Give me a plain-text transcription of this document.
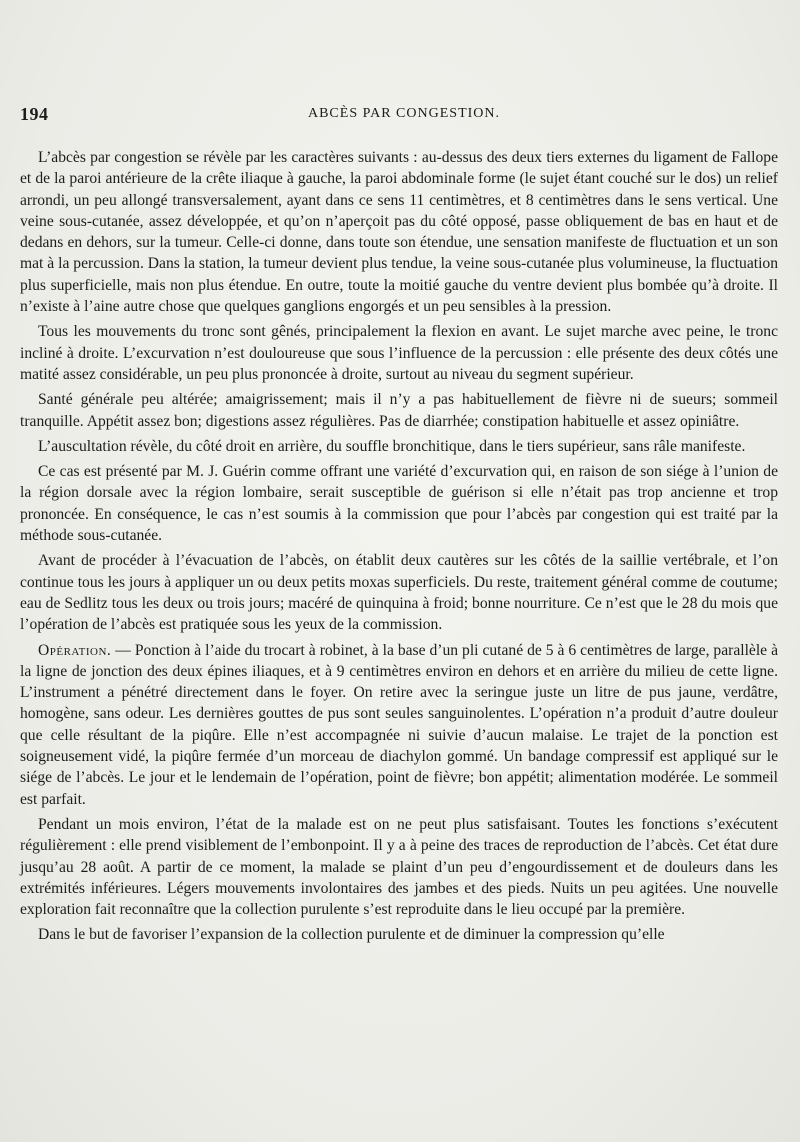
194	ABCÈS PAR CONGESTION.

L’abcès par congestion se révèle par les caractères suivants : au-dessus des deux tiers externes du ligament de Fallope et de la paroi antérieure de la crête iliaque à gauche, la paroi abdominale forme (le sujet étant couché sur le dos) un relief arrondi, un peu allongé transversalement, ayant dans ce sens 11 centimètres, et 8 centimètres dans le sens vertical. Une veine sous-cutanée, assez développée, et qu’on n’aperçoit pas du côté opposé, passe obliquement de bas en haut et de dedans en dehors, sur la tumeur. Celle-ci donne, dans toute son étendue, une sensation manifeste de fluctuation et un son mat à la percussion. Dans la station, la tumeur devient plus tendue, la veine sous-cutanée plus volumineuse, la fluctuation plus superficielle, mais non plus étendue. En outre, toute la moitié gauche du ventre devient plus bombée qu’à droite. Il n’existe à l’aine autre chose que quelques ganglions engorgés et un peu sensibles à la pression.

Tous les mouvements du tronc sont gênés, principalement la flexion en avant. Le sujet marche avec peine, le tronc incliné à droite. L’excurvation n’est douloureuse que sous l’influence de la percussion : elle présente des deux côtés une matité assez considérable, un peu plus prononcée à droite, surtout au niveau du segment supérieur.

Santé générale peu altérée; amaigrissement; mais il n’y a pas habituellement de fièvre ni de sueurs; sommeil tranquille. Appétit assez bon; digestions assez régulières. Pas de diarrhée; constipation habituelle et assez opiniâtre.

L’auscultation révèle, du côté droit en arrière, du souffle bronchitique, dans le tiers supérieur, sans râle manifeste.

Ce cas est présenté par M. J. Guérin comme offrant une variété d’excurvation qui, en raison de son siége à l’union de la région dorsale avec la région lombaire, serait susceptible de guérison si elle n’était pas trop ancienne et trop prononcée. En conséquence, le cas n’est soumis à la commission que pour l’abcès par congestion qui est traité par la méthode sous-cutanée.

Avant de procéder à l’évacuation de l’abcès, on établit deux cautères sur les côtés de la saillie vertébrale, et l’on continue tous les jours à appliquer un ou deux petits moxas superficiels. Du reste, traitement général comme de coutume; eau de Sedlitz tous les deux ou trois jours; macéré de quinquina à froid; bonne nourriture. Ce n’est que le 28 du mois que l’opération de l’abcès est pratiquée sous les yeux de la commission.

Opération. — Ponction à l’aide du trocart à robinet, à la base d’un pli cutané de 5 à 6 centimètres de large, parallèle à la ligne de jonction des deux épines iliaques, et à 9 centimètres environ en dehors et en arrière du milieu de cette ligne. L’instrument a pénétré directement dans le foyer. On retire avec la seringue juste un litre de pus jaune, verdâtre, homogène, sans odeur. Les dernières gouttes de pus sont seules sanguinolentes. L’opération n’a produit d’autre douleur que celle résultant de la piqûre. Elle n’est accompagnée ni suivie d’aucun malaise. Le trajet de la ponction est soigneusement vidé, la piqûre fermée d’un morceau de diachylon gommé. Un bandage compressif est appliqué sur le siége de l’abcès. Le jour et le lendemain de l’opération, point de fièvre; bon appétit; alimentation modérée. Le sommeil est parfait.

Pendant un mois environ, l’état de la malade est on ne peut plus satisfaisant. Toutes les fonctions s’exécutent régulièrement : elle prend visiblement de l’embonpoint. Il y a à peine des traces de reproduction de l’abcès. Cet état dure jusqu’au 28 août. A partir de ce moment, la malade se plaint d’un peu d’engourdissement et de douleurs dans les extrémités inférieures. Légers mouvements involontaires des jambes et des pieds. Nuits un peu agitées. Une nouvelle exploration fait reconnaître que la collection purulente s’est reproduite dans le lieu occupé par la première.

Dans le but de favoriser l’expansion de la collection purulente et de diminuer la compression qu’elle
